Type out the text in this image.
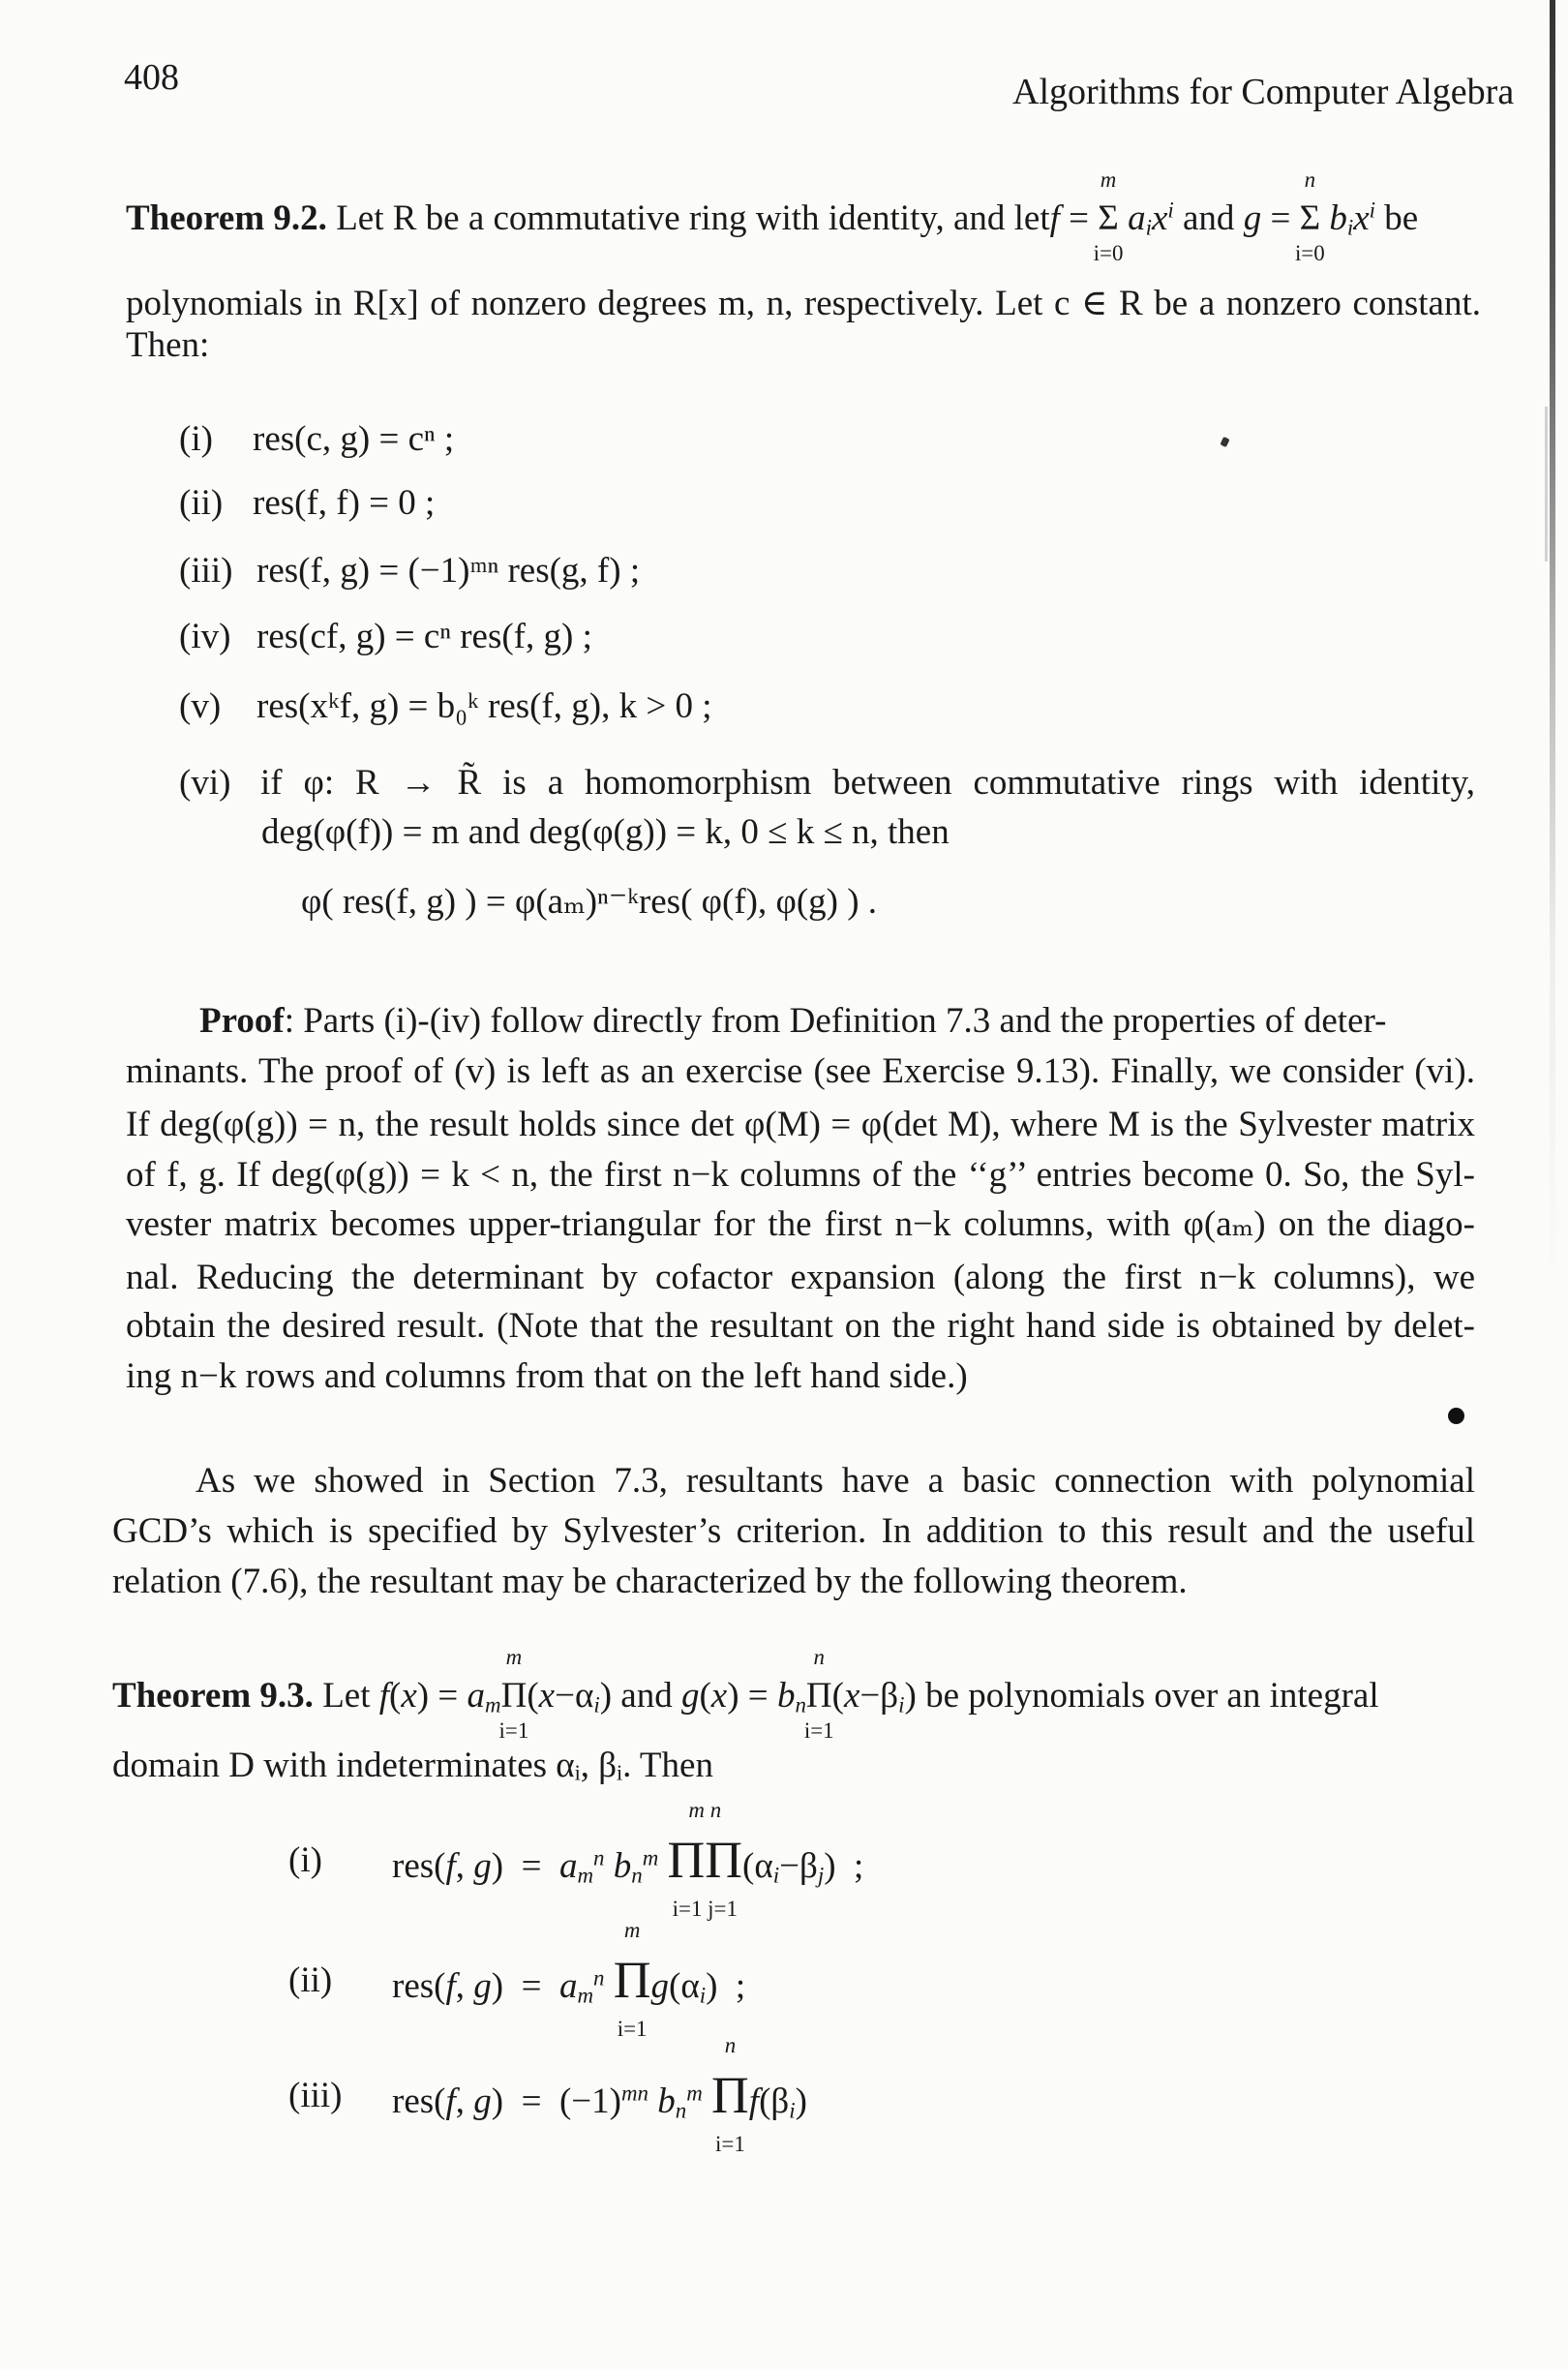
408	Algorithms for Computer Algebra
Theorem 9.2. Let R be a commutative ring with identity, and letf =
m
Σ
i=0
$a_ix^i$ and g =
n
Σ
i=0
$b_ix^i$ be
polynomials in R[x] of nonzero degrees m, n, respectively. Let c ∈ R be a nonzero constant.
Then:
(i) res(c, g) = cⁿ ;
(ii) res(f, f) = 0 ;
(iii) res(f, g) = (−1)ᵐⁿ res(g, f) ;
(iv) res(cf, g) = cⁿ res(f, g) ;
(v) res(xᵏf, g) = b₀ᵏ res(f, g), k > 0 ;
(vi) if φ: R → R̃ is a homomorphism between commutative rings with identity,
deg(φ(f)) = m and deg(φ(g)) = k, 0 ≤ k ≤ n, then
φ( res(f, g) ) = φ(aₘ)ⁿ⁻ᵏres( φ(f), φ(g) ) .
Proof: Parts (i)-(iv) follow directly from Definition 7.3 and the properties of deter-
minants. The proof of (v) is left as an exercise (see Exercise 9.13). Finally, we consider (vi).
If deg(φ(g)) = n, the result holds since det φ(M) = φ(det M), where M is the Sylvester matrix
of f, g. If deg(φ(g)) = k < n, the first n−k columns of the ‘‘g’’ entries become 0. So, the Syl-
vester matrix becomes upper-triangular for the first n−k columns, with φ(aₘ) on the diago-
nal. Reducing the determinant by cofactor expansion (along the first n−k columns), we
obtain the desired result. (Note that the resultant on the right hand side is obtained by delet-
ing n−k rows and columns from that on the left hand side.)
As we showed in Section 7.3, resultants have a basic connection with polynomial
GCD’s which is specified by Sylvester’s criterion. In addition to this result and the useful
relation (7.6), the resultant may be characterized by the following theorem.
Theorem 9.3. Let $f(x) = a_m$
m
Π
i=1
$(x-\alpha_i)$ and $g(x) = b_n$
n
Π
i=1
$(x-\beta_i)$ be polynomials over an integral
domain D with indeterminates αᵢ, βᵢ. Then
(i) res(f, $g) = a_m^n$ $b_n^m$
m n
ΠΠ
i=1 j=1
$(\alpha_i-\beta_j)$  ;
(ii) res(f, $g) = a_m^n$
m
Π
i=1
$g(\alpha_i)$  ;
(iii) res(f, $g) = (-1)^{mn}$ $b_n^m$
n
Π
i=1
$f(\beta_i)$
